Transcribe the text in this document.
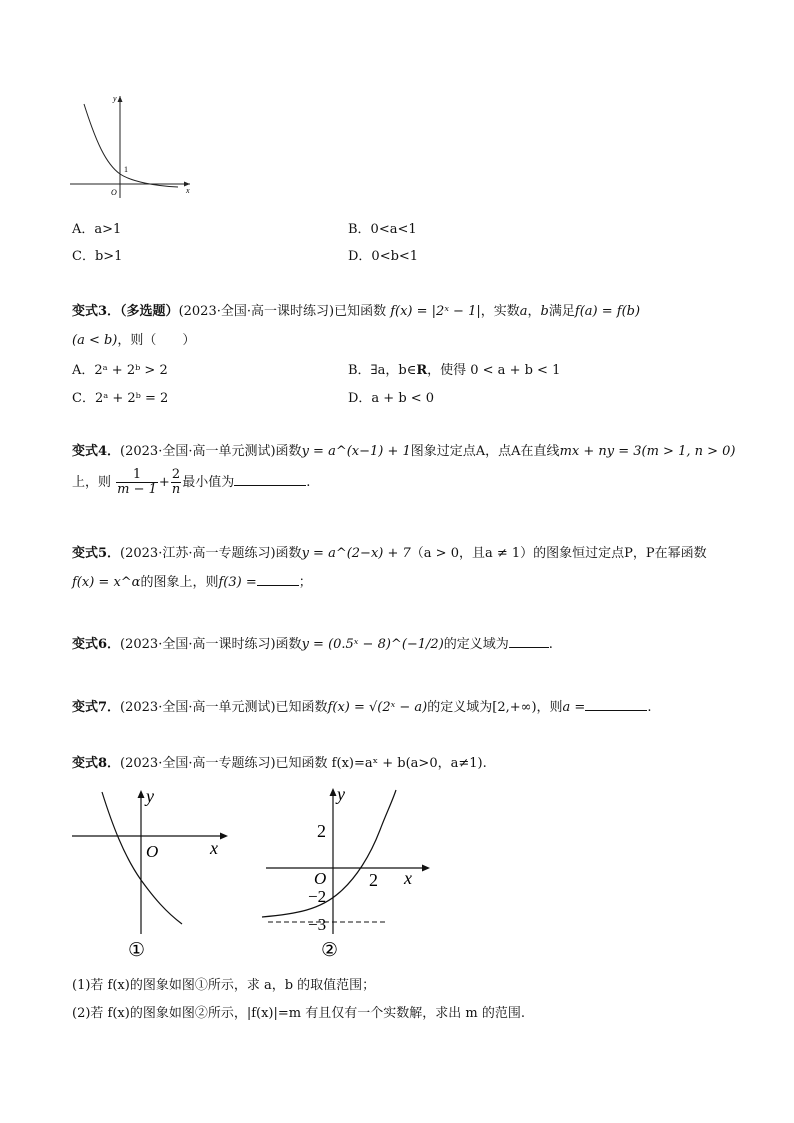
y
x
O
1
A．a>1	B．0<a<1
C．b>1	D．0<b<1
变式3．（多选题）(2023·全国·高一课时练习)已知函数 f(x) = |2ˣ − 1|，实数a，b满足f(a) = f(b)
(a < b)，则（　　）
A．2ᵃ + 2ᵇ > 2	B．∃a，b∈R，使得 0 < a + b < 1
C．2ᵃ + 2ᵇ = 2	D．a + b < 0
变式4．(2023·全国·高一单元测试)函数y = a^(x−1) + 1图象过定点A，点A在直线mx + ny = 3(m > 1, n > 0)
上，则 $\frac{1}{m - 1} + \frac{2}{n}$ 最小值为	.
变式5．(2023·江苏·高一专题练习)函数y = a^(2−x) + 7（a > 0，且a ≠ 1）的图象恒过定点P，P在幂函数
f(x) = x^α的图象上，则f(3) =	；
变式6．(2023·全国·高一课时练习)函数y = (0.5ˣ − 8)^(−1/2)的定义域为	.
变式7．(2023·全国·高一单元测试)已知函数f(x) = √(2ˣ − a)的定义域为[2,+∞)，则a =	.
变式8．(2023·全国·高一专题练习)已知函数 f(x)=aˣ + b(a>0，a≠1).
y
x
O
①
y
x
O
2
2
−2
−3
②
(1)若 f(x)的图象如图①所示，求 a，b 的取值范围；
(2)若 f(x)的图象如图②所示，|f(x)|=m 有且仅有一个实数解，求出 m 的范围.
